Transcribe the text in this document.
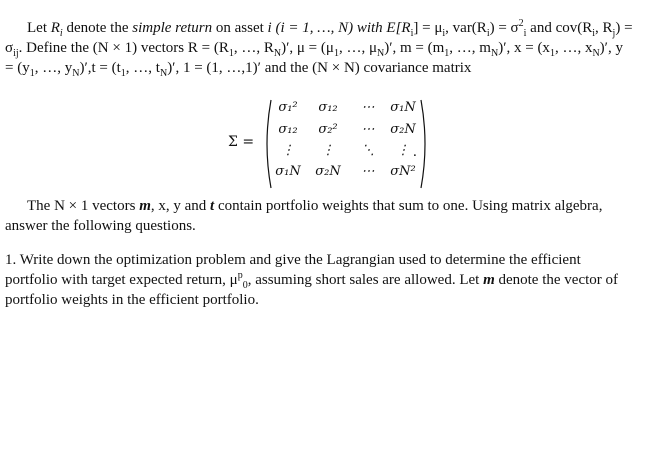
Let $R_i$ denote the simple return on asset i (i = 1, …, N) with $E[R_i] = \mu_i$, $var(R_i) = \sigma^2_i$ and $cov(R_i$, $R_j) = \sigma_{ij}$. Define the (N × 1) vectors $R = (R_1$, …, $R_N)'$, $\mu = (\mu_1$, …, $\mu_N)'$, $m = (m_1$, …, $m_N)'$, $x = (x_1$, …, $x_N)'$, $y = (y_1$, …, $y_N)',t = (t_1$, …, $t_N)'$, 1 = (1, …,1)′ and the (N × N) covariance matrix

Σ =
σ₁²	σ₁₂	⋯	σ₁N
σ₁₂	σ₂²	⋯	σ₂N
⋮	⋮	⋱	⋮
σ₁N	σ₂N	⋯	σN²
.

The N × 1 vectors m, x, y and t contain portfolio weights that sum to one. Using matrix algebra, answer the following questions.

1. Write down the optimization problem and give the Lagrangian used to determine the efficient portfolio with target expected return, $\mu^p_0$, assuming short sales are allowed. Let m denote the vector of portfolio weights in the efficient portfolio.
